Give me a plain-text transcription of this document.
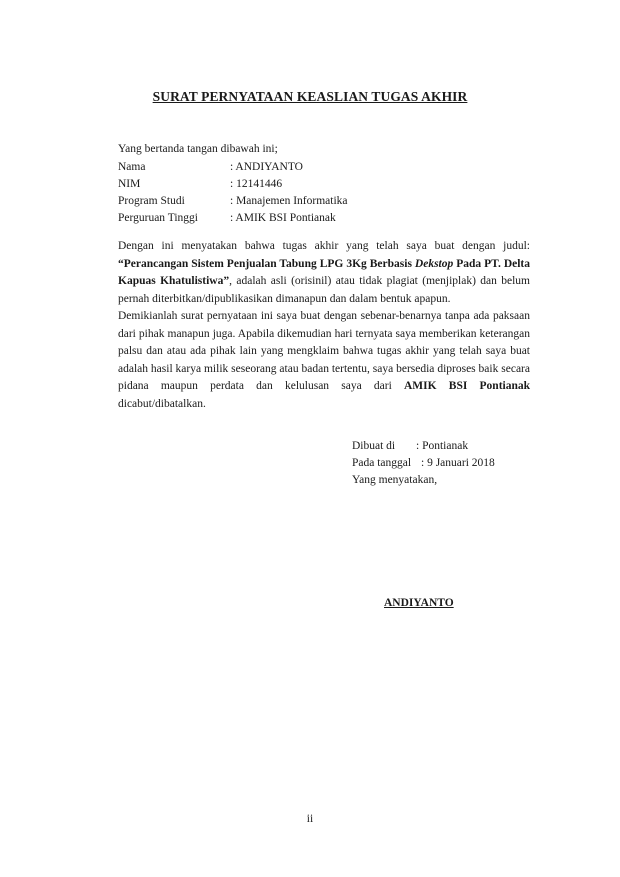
SURAT PERNYATAAN KEASLIAN TUGAS AKHIR
Yang bertanda tangan dibawah ini;
Nama	: ANDIYANTO
NIM	: 12141446
Program Studi	: Manajemen Informatika
Perguruan Tinggi	: AMIK BSI Pontianak

Dengan ini menyatakan bahwa tugas akhir yang telah saya buat dengan judul: “Perancangan Sistem Penjualan Tabung LPG 3Kg Berbasis Dekstop Pada PT. Delta Kapuas Khatulistiwa”, adalah asli (orisinil) atau tidak plagiat (menjiplak) dan belum pernah diterbitkan/dipublikasikan dimanapun dan dalam bentuk apapun.

Demikianlah surat pernyataan ini saya buat dengan sebenar-benarnya tanpa ada paksaan dari pihak manapun juga. Apabila dikemudian hari ternyata saya memberikan keterangan palsu dan atau ada pihak lain yang mengklaim bahwa tugas akhir yang telah saya buat adalah hasil karya milik seseorang atau badan tertentu, saya bersedia diproses baik secara pidana maupun perdata dan kelulusan saya dari AMIK BSI Pontianak dicabut/dibatalkan.

Dibuat di	: Pontianak
Pada tanggal : 9 Januari 2018
Yang menyatakan,
ANDIYANTO
ii
